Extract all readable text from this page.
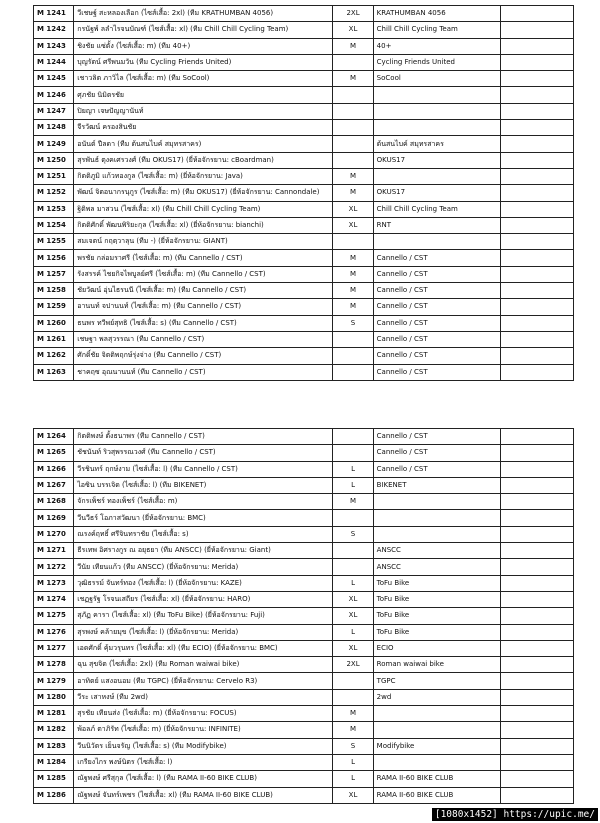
M 1241	วีเชษฐ์ สะหลองเลือก (ไซส์เสื้อ: 2xl) (ทีม KRATHUMBAN 4056)	2XL	KRATHUMBAN 4056	
M 1242	กรนัฐพ์ ลลำไรจนบัณฑ์ (ไซส์เสื้อ: xl) (ทีม Chill Chill Cycling Team)	XL	Chill Chill Cycling Team	
M 1243	ชิงชัย แซ่ตั้ง (ไซส์เสื้อ: m) (ทีม 40+)	M	40+	
M 1244	บุญรัตน์ ศรีพนมวัน (ทีม Cycling Friends United)		Cycling Friends United	
M 1245	เชาวลิต ภาวิไล (ไซส์เสื้อ: m) (ทีม SoCool)	M	SoCool	
M 1246	ศุภชัย นิมิตรชัย			
M 1247	ปิยญา เจษปัญญานันท์			
M 1248	จีรวัฒน์ ครองสินชัย			
M 1249	อนันต์ ปีลดา (ทีม ต้นสนไบค์ สมุทรสาคร)		ต้นสนไบค์ สมุทรสาคร	
M 1250	สุรพันธ์ ตุงคเศรวงศ์ (ทีม OKUS17) (ยี่ห้อจักรยาน: cBoardman)		OKUS17	
M 1251	กิตติภูมิ แก้วทองกูล (ไซส์เสื้อ: m) (ยี่ห้อจักรยาน: Java)	M		
M 1252	พัฒน์ จิตอนากรนุกูร (ไซส์เสื้อ: m) (ทีม OKUS17) (ยี่ห้อจักรยาน: Cannondale)	M	OKUS17	
M 1253	ฐิติพล มาสวน (ไซส์เสื้อ: xl) (ทีม Chill Chill Cycling Team)	XL	Chill Chill Cycling Team	
M 1254	กิตติศักดิ์ พัฒนพิริยะกุล (ไซส์เสื้อ: xl) (ยี่ห้อจักรยาน: bianchi)	XL	RNT	
M 1255	สมเจตน์ กฤตฺวาลุน (ทีม -) (ยี่ห้อจักรยาน: GIANT)			
M 1256	พรชัย กล่อมราศรี (ไซส์เสื้อ: m) (ทีม Cannello / CST)	M	Cannello / CST	
M 1257	รังสรรค์ ไชยกิจไพบูลย์ศรี (ไซส์เสื้อ: m) (ทีม Cannello / CST)	M	Cannello / CST	
M 1258	ชัยวัฒน์ อุ่นไธรนนี (ไซส์เสื้อ: m) (ทีม Cannello / CST)	M	Cannello / CST	
M 1259	อานนท์ จปานนท์ (ไซส์เสื้อ: m) (ทีม Cannello / CST)	M	Cannello / CST	
M 1260	ธนพร ทวีพย์สุทธิ (ไซส์เสื้อ: s) (ทีม Cannello / CST)	S	Cannello / CST	
M 1261	เชษฐา พลสุวรรณา (ทีม Cannello / CST)		Cannello / CST	
M 1262	ศักดิ์ชัย จิตติพฤกษ์รุ่งจ่าง (ทีม Cannello / CST)		Cannello / CST	
M 1263	ชาคฤซ อุณนานนท์ (ทีม Cannello / CST)		Cannello / CST	
M 1264	กิตติพงษ์ ตั้งธนาพร (ทีม Cannello / CST)		Cannello / CST	
M 1265	ชัชนันท์ ริวสุพรรณวงศ์ (ทีม Cannello / CST)		Cannello / CST	
M 1266	วีรชินทร์ ฤกษ์งาม (ไซส์เสื้อ: l) (ทีม Cannello / CST)	L	Cannello / CST	
M 1267	ไอซิน บรรเจิด (ไซส์เสื้อ: l) (ทีม BIKENET)	L	BIKENET	
M 1268	จักรเพ็ชร์ ทองเพ็ชร์ (ไซส์เสื้อ: m)	M		
M 1269	วีนวีธร์ โอภาสวัฒนา (ยี่ห้อจักรยาน: BMC)			
M 1270	ณรงค์ฤทธิ์ ศรีจินทราชัย (ไซส์เสื้อ: s)	S		
M 1271	ธีรเทพ อิศรางกูร ณ อยุธยา (ทีม ANSCC) (ยี่ห้อจักรยาน: Giant)		ANSCC	
M 1272	วีนัย เทียนแก้ว (ทีม ANSCC) (ยี่ห้อจักรยาน: Merida)		ANSCC	
M 1273	วุฒิธรรม์ จันทร์ทอง (ไซส์เสื้อ: l) (ยี่ห้อจักรยาน: KAZE)	L	ToFu Bike	
M 1274	เชฏฐรัฐ โรจนเสถียร (ไซส์เสื้อ: xl) (ยี่ห้อจักรยาน: HARO)	XL	ToFu Bike	
M 1275	สุภัฏ คารา (ไซส์เสื้อ: xl) (ทีม ToFu Bike) (ยี่ห้อจักรยาน: Fuji)	XL	ToFu Bike	
M 1276	สุรพงษ์ คล้ายมุข (ไซส์เสื้อ: l) (ยี่ห้อจักรยาน: Merida)	L	ToFu Bike	
M 1277	เอดศักดิ์ คุ้มวรุนทร (ไซส์เสื้อ: xl) (ทีม ECIO) (ยี่ห้อจักรยาน: BMC)	XL	ECIO	
M 1278	ฉุน สุขจิต (ไซส์เสื้อ: 2xl) (ทีม Roman waiwai bike)	2XL	Roman waiwai bike	
M 1279	อาทิตย์ แสงอนอม (ทีม TGPC) (ยี่ห้อจักรยาน: Cervelo R3)		TGPC	
M 1280	วีระ เสาหงษ์ (ทีม 2wd)		2wd	
M 1281	สุรชัย เทียนส่ง (ไซส์เสื้อ: m) (ยี่ห้อจักรยาน: FOCUS)	M		
M 1282	พ้อลภ์ ตาภิรัท (ไซส์เสื้อ: m) (ยี่ห้อจักรยาน: INFINITE)	M		
M 1283	วีนนิวัตร เย็นจรัญ (ไซส์เสื้อ: s) (ทีม Modifybike)	S	Modifybike	
M 1284	เกรียงไกร พงษ์นิตร (ไซส์เสื้อ: l)	L		
M 1285	ณัฐพงษ์ ศรีสุกุล (ไซส์เสื้อ: l) (ทีม RAMA II-60 BIKE CLUB)	L	RAMA II-60 BIKE CLUB	
M 1286	ณัฐพงษ์ จันทร์เพชร (ไซส์เสื้อ: xl) (ทีม RAMA II-60 BIKE CLUB)	XL	RAMA II-60 BIKE CLUB	
[1080x1452] https://upic.me/
